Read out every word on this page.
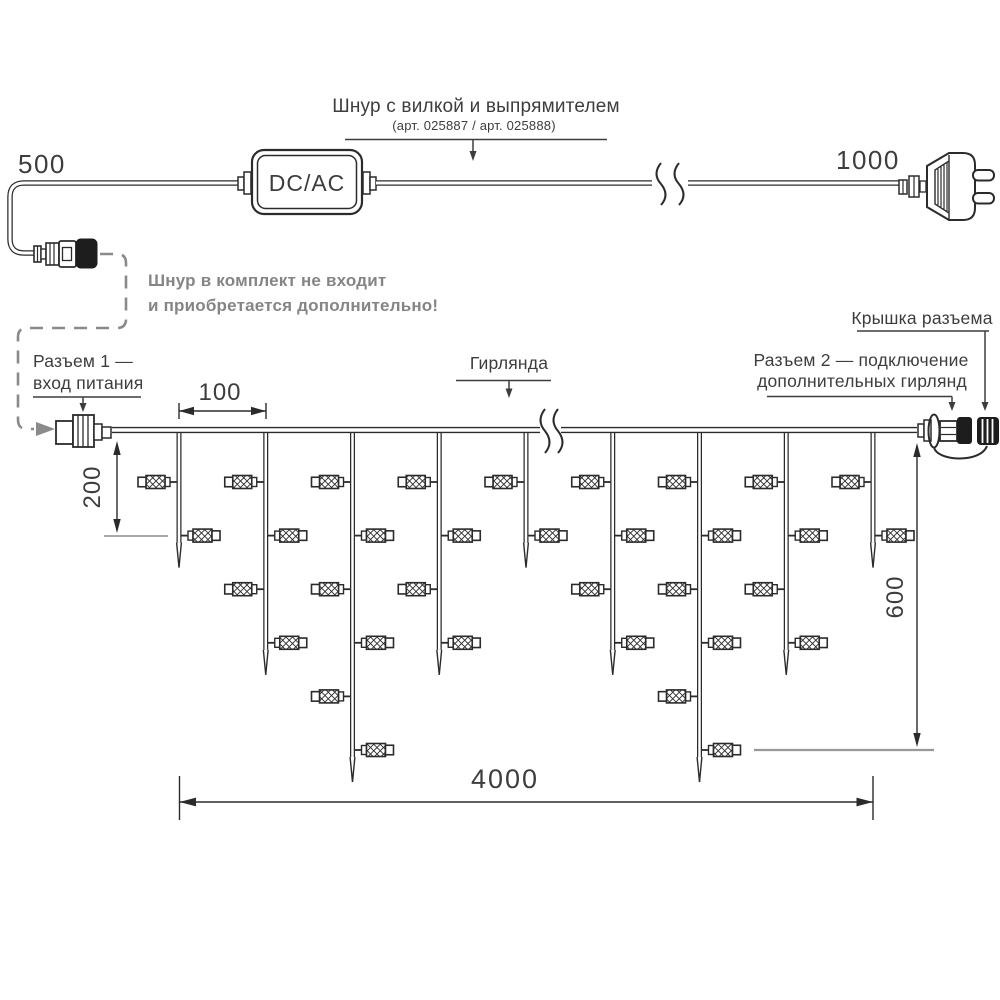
500
DC/AC
1000
Шнур с вилкой и выпрямителем
(арт. 025887 / арт. 025888)
Шнур в комплект не входит
и приобретается дополнительно!
Разъем 1 —
вход питания
Гирлянда
100
200
600
4000
Разъем 2 — подключение
дополнительных гирлянд
Крышка разъема
